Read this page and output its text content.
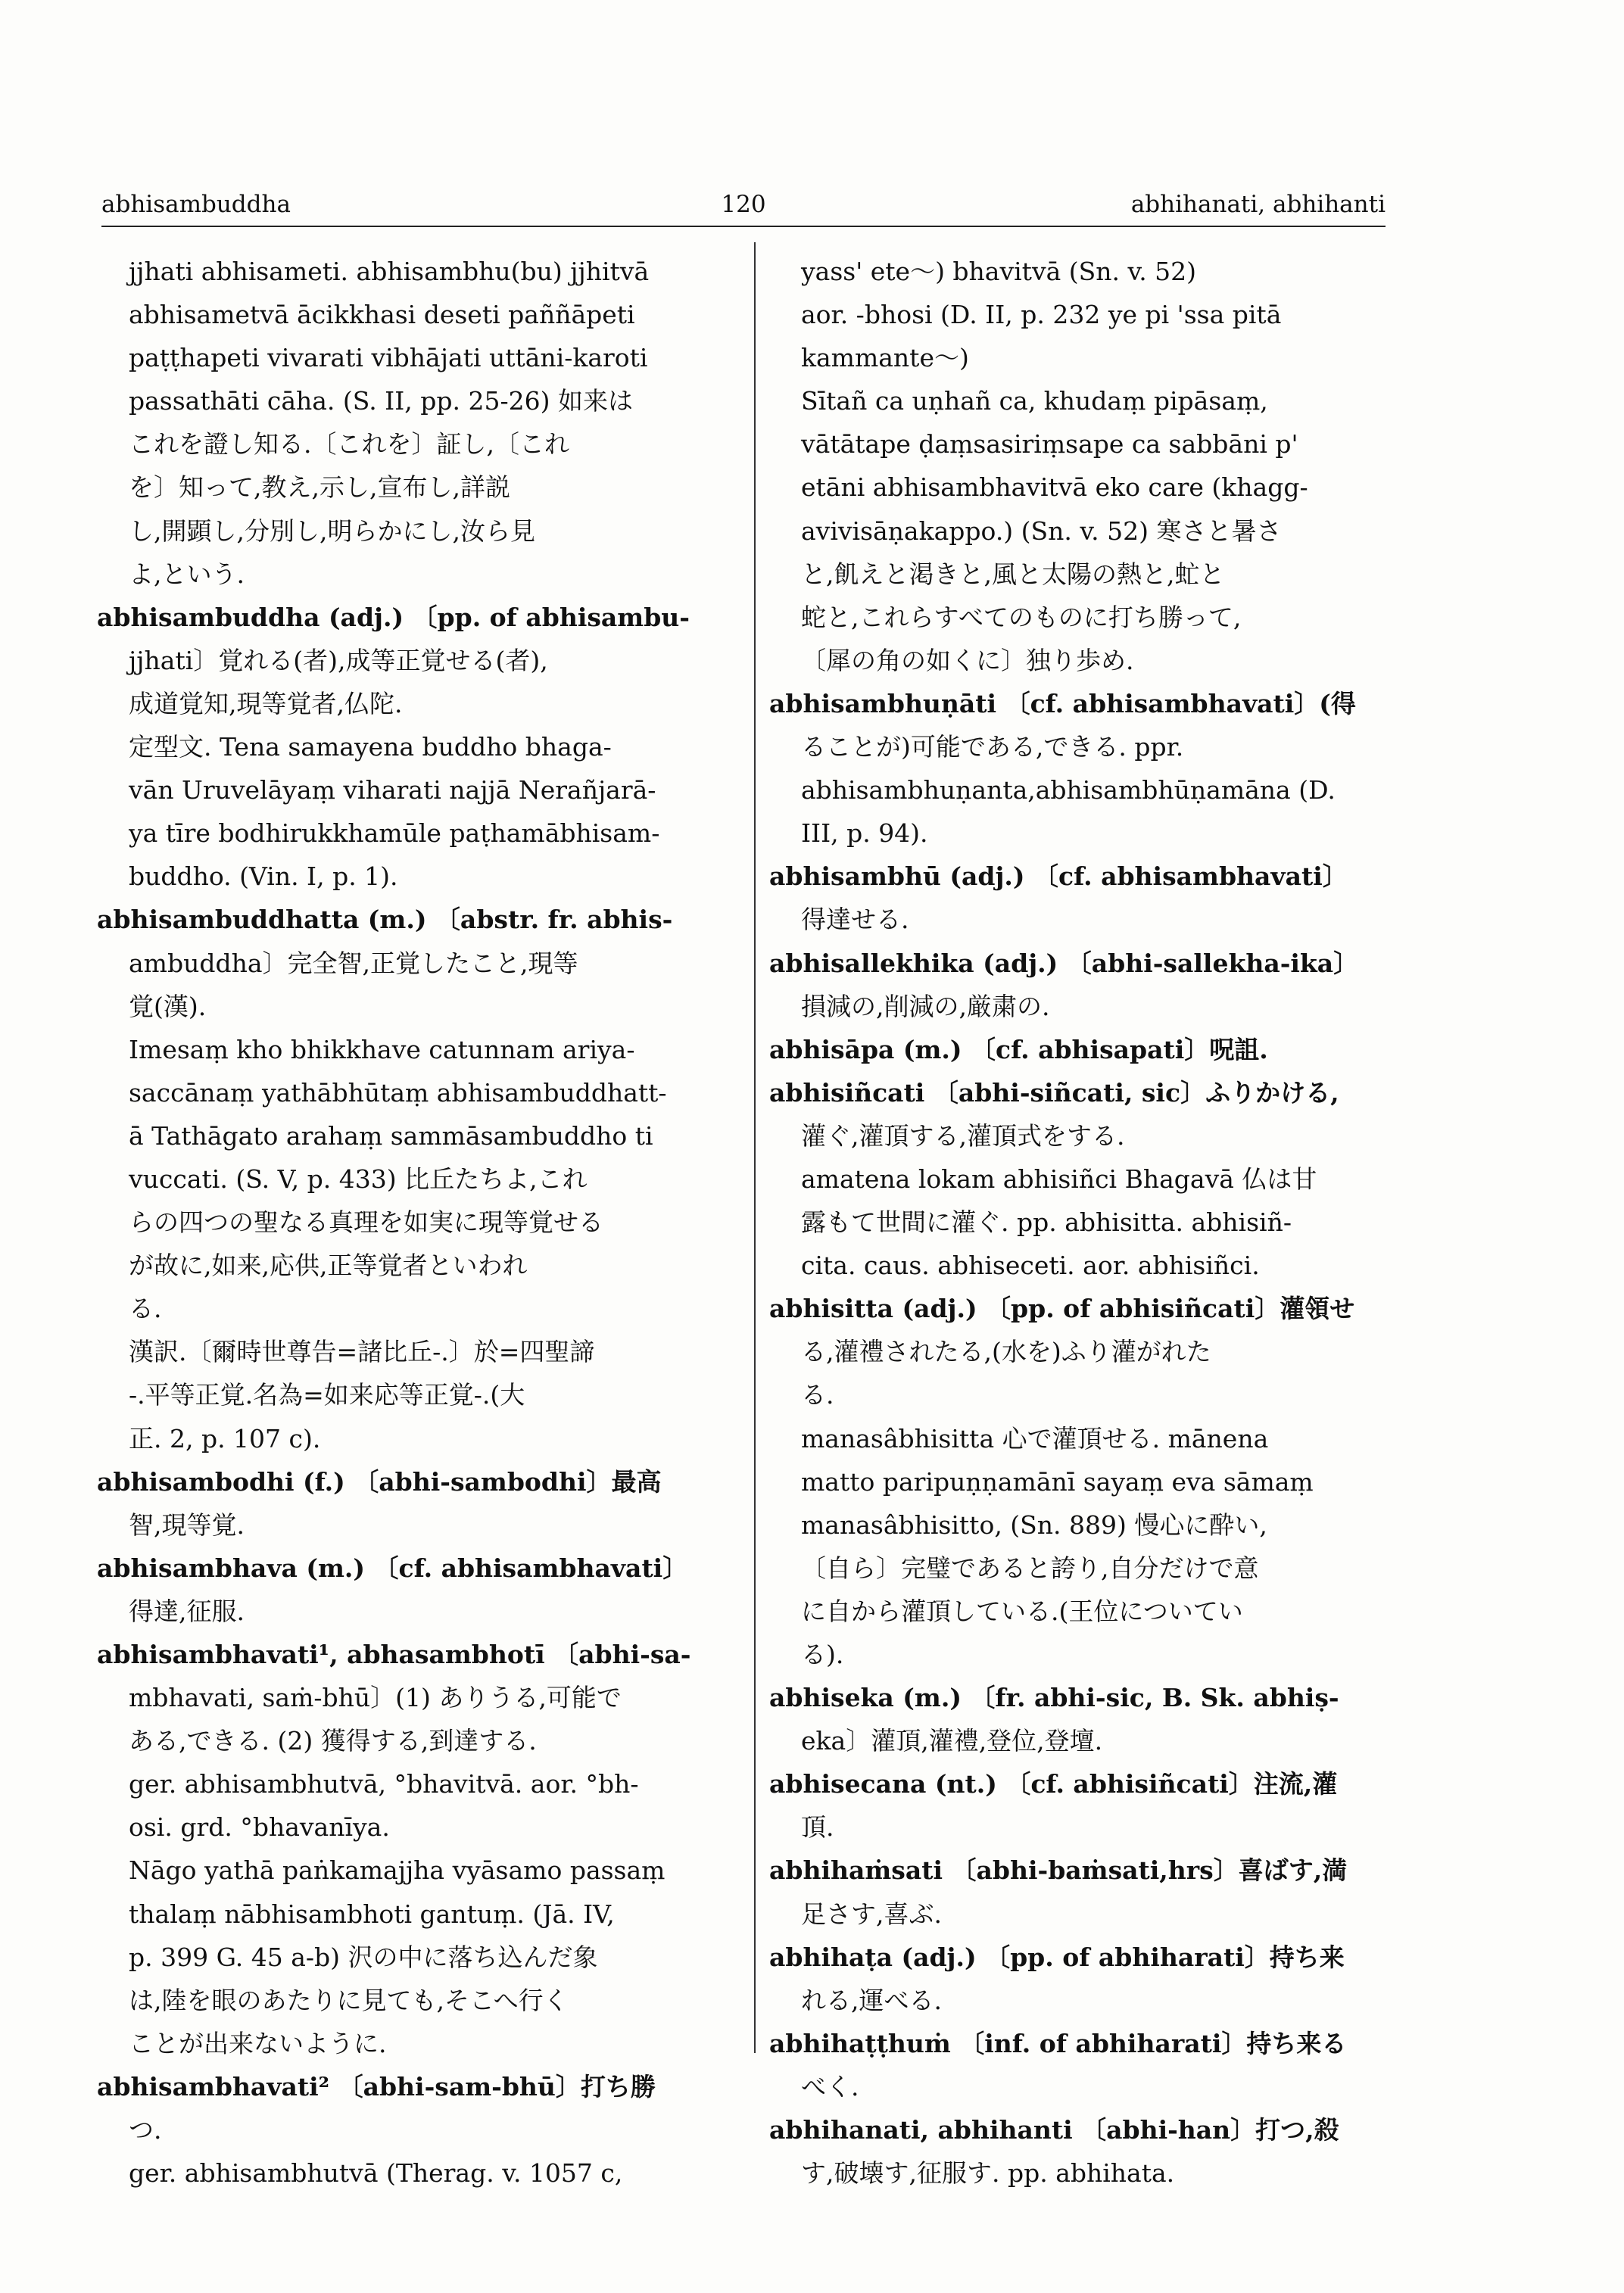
abhisambuddha	120	abhihanati, abhihanti
jjhati abhisameti. abhisambhu(bu) jjhitvā
abhisametvā ācikkhasi deseti paññāpeti
paṭṭhapeti vivarati vibhājati uttāni-karoti
passathāti cāha. (S. II, pp. 25-26) 如来は
これを證し知る.〔これを〕証し,〔これ
を〕知って,教え,示し,宣布し,詳説
し,開顕し,分別し,明らかにし,汝ら見
よ,という.
abhisambuddha (adj.) 〔pp. of abhisambu-
jjhati〕覚れる(者),成等正覚せる(者),
成道覚知,現等覚者,仏陀.
定型文. Tena samayena buddho bhaga-
vān Uruvelāyaṃ viharati najjā Nerañjarā-
ya tīre bodhirukkhamūle paṭhamābhisam-
buddho. (Vin. I, p. 1).
abhisambuddhatta (m.) 〔abstr. fr. abhis-
ambuddha〕完全智,正覚したこと,現等
覚(漢).
Imesaṃ kho bhikkhave catunnam ariya-
saccānaṃ yathābhūtaṃ abhisambuddhatt-
ā Tathāgato arahaṃ sammāsambuddho ti
vuccati. (S. V, p. 433) 比丘たちよ,これ
らの四つの聖なる真理を如実に現等覚せる
が故に,如来,応供,正等覚者といわれ
る.
漢訳.〔爾時世尊告=諸比丘-.〕於=四聖諦
-.平等正覚.名為=如来応等正覚-.(大
正. 2, p. 107 c).
abhisambodhi (f.) 〔abhi-sambodhi〕最高
智,現等覚.
abhisambhava (m.) 〔cf. abhisambhavati〕
得達,征服.
abhisambhavati¹, abhasambhotī 〔abhi-sa-
mbhavati, saṁ-bhū〕(1) ありうる,可能で
ある,できる. (2) 獲得する,到達する.
ger. abhisambhutvā, °bhavitvā. aor. °bh-
osi. grd. °bhavanīya.
Nāgo yathā paṅkamajjha vyāsamo passaṃ
thalaṃ nābhisambhoti gantuṃ. (Jā. IV,
p. 399 G. 45 a-b) 沢の中に落ち込んだ象
は,陸を眼のあたりに見ても,そこへ行く
ことが出来ないように.
abhisambhavati² 〔abhi-sam-bhū〕打ち勝
つ.
ger. abhisambhutvā (Therag. v. 1057 c,
yass' ete〜) bhavitvā (Sn. v. 52)
aor. -bhosi (D. II, p. 232 ye pi 'ssa pitā
kammante〜)
Sītañ ca uṇhañ ca, khudaṃ pipāsaṃ,
vātātape ḍaṃsasiriṃsape ca sabbāni p'
etāni abhisambhavitvā eko care (khagg-
avivisāṇakappo.) (Sn. v. 52) 寒さと暑さ
と,飢えと渇きと,風と太陽の熱と,虻と
蛇と,これらすべてのものに打ち勝って,
〔犀の角の如くに〕独り歩め.
abhisambhuṇāti 〔cf. abhisambhavati〕(得
ることが)可能である,できる. ppr.
abhisambhuṇanta,abhisambhūṇamāna (D.
III, p. 94).
abhisambhū (adj.) 〔cf. abhisambhavati〕
得達せる.
abhisallekhika (adj.) 〔abhi-sallekha-ika〕
損減の,削減の,厳粛の.
abhisāpa (m.) 〔cf. abhisapati〕呪詛.
abhisiñcati 〔abhi-siñcati, sic〕ふりかける,
灌ぐ,灌頂する,灌頂式をする.
amatena lokam abhisiñci Bhagavā 仏は甘
露もて世間に灌ぐ. pp. abhisitta. abhisiñ-
cita. caus. abhiseceti. aor. abhisiñci.
abhisitta (adj.) 〔pp. of abhisiñcati〕灌領せ
る,灌禮されたる,(水を)ふり灌がれた
る.
manasâbhisitta 心で灌頂せる. mānena
matto paripuṇṇamānī sayaṃ eva sāmaṃ
manasâbhisitto, (Sn. 889) 慢心に酔い,
〔自ら〕完璧であると誇り,自分だけで意
に自から灌頂している.(王位についてい
る).
abhiseka (m.) 〔fr. abhi-sic, B. Sk. abhiṣ-
eka〕灌頂,灌禮,登位,登壇.
abhisecana (nt.) 〔cf. abhisiñcati〕注流,灌
頂.
abhihaṁsati 〔abhi-baṁsati,hrs〕喜ばす,満
足さす,喜ぶ.
abhihaṭa (adj.) 〔pp. of abhiharati〕持ち来
れる,運べる.
abhihaṭṭhuṁ 〔inf. of abhiharati〕持ち来る
べく.
abhihanati, abhihanti 〔abhi-han〕打つ,殺
す,破壊す,征服す. pp. abhihata.
